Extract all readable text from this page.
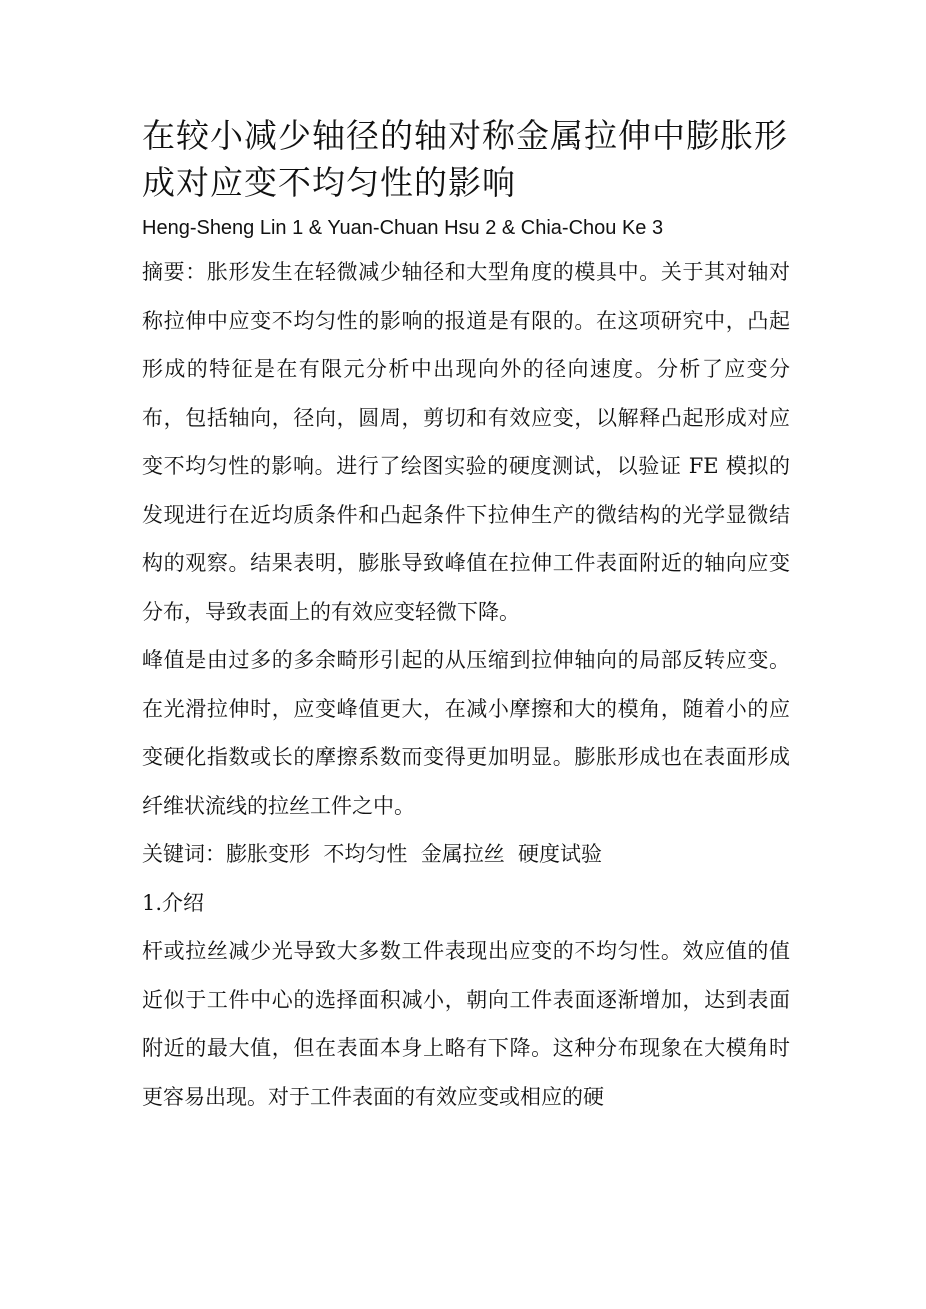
在较小减少轴径的轴对称金属拉伸中膨胀形成对应变不均匀性的影响
Heng-Sheng Lin 1 & Yuan-Chuan Hsu 2 & Chia-Chou Ke 3

摘要：胀形发生在轻微减少轴径和大型角度的模具中。关于其对轴对称拉伸中应变不均匀性的影响的报道是有限的。在这项研究中，凸起形成的特征是在有限元分析中出现向外的径向速度。分析了应变分布，包括轴向，径向，圆周，剪切和有效应变，以解释凸起形成对应变不均匀性的影响。进行了绘图实验的硬度测试，以验证 FE 模拟的发现进行在近均质条件和凸起条件下拉伸生产的微结构的光学显微结构的观察。结果表明，膨胀导致峰值在拉伸工件表面附近的轴向应变分布，导致表面上的有效应变轻微下降。

峰值是由过多的多余畸形引起的从压缩到拉伸轴向的局部反转应变。在光滑拉伸时，应变峰值更大，在减小摩擦和大的模角，随着小的应变硬化指数或长的摩擦系数而变得更加明显。膨胀形成也在表面形成纤维状流线的拉丝工件之中。

关键词：膨胀变形  不均匀性  金属拉丝  硬度试验

1.介绍

杆或拉丝减少光导致大多数工件表现出应变的不均匀性。效应值的值近似于工件中心的选择面积减小，朝向工件表面逐渐增加，达到表面附近的最大值，但在表面本身上略有下降。这种分布现象在大模角时更容易出现。对于工件表面的有效应变或相应的硬
